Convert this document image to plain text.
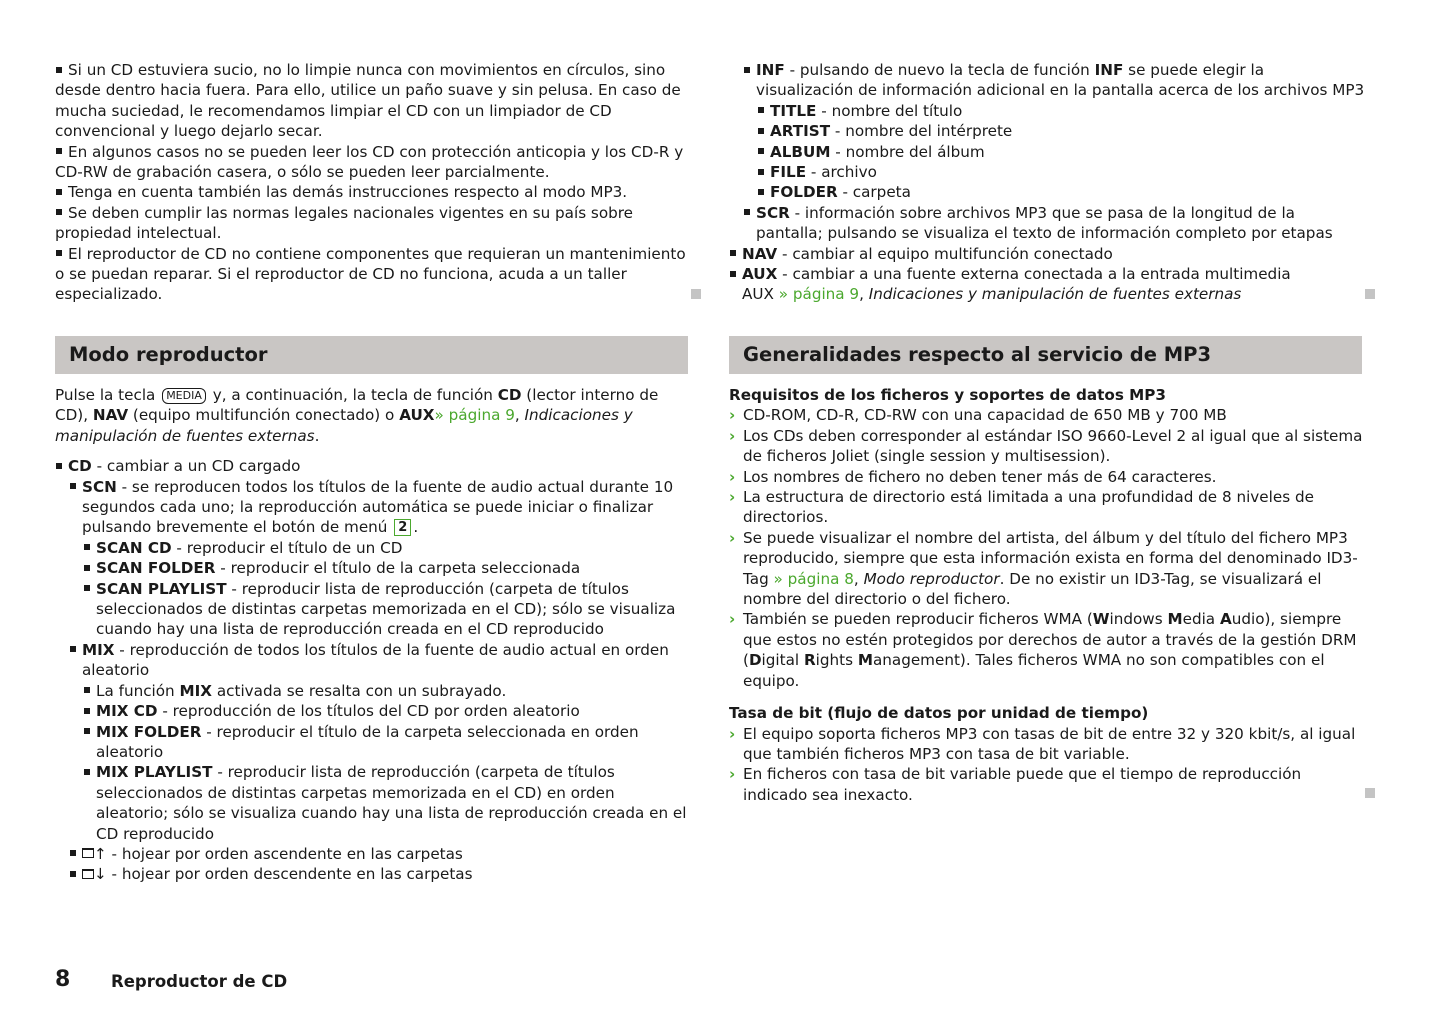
Si un CD estuviera sucio, no lo limpie nunca con movimientos en círculos, sino desde dentro hacia fuera. Para ello, utilice un paño suave y sin pelusa. En caso de mucha suciedad, le recomendamos limpiar el CD con un limpiador de CD convencional y luego dejarlo secar.

En algunos casos no se pueden leer los CD con protección anticopia y los CD-R y CD-RW de grabación casera, o sólo se pueden leer parcialmente.

Tenga en cuenta también las demás instrucciones respecto al modo MP3.

Se deben cumplir las normas legales nacionales vigentes en su país sobre propiedad intelectual.

El reproductor de CD no contiene componentes que requieran un mantenimiento o se puedan reparar. Si el reproductor de CD no funciona, acuda a un taller especializado.

INF - pulsando de nuevo la tecla de función INF se puede elegir la visualización de información adicional en la pantalla acerca de los archivos MP3
TITLE - nombre del título
ARTIST - nombre del intérprete
ALBUM - nombre del álbum
FILE - archivo
FOLDER - carpeta
SCR - información sobre archivos MP3 que se pasa de la longitud de la pantalla; pulsando se visualiza el texto de información completo por etapas
NAV - cambiar al equipo multifunción conectado
AUX - cambiar a una fuente externa conectada a la entrada multimedia
AUX » página 9, Indicaciones y manipulación de fuentes externas
Modo reproductor

Pulse la tecla MEDIA y, a continuación, la tecla de función CD (lector interno de CD), NAV (equipo multifunción conectado) o AUX» página 9, Indicaciones y manipulación de fuentes externas.

CD - cambiar a un CD cargado
SCN - se reproducen todos los títulos de la fuente de audio actual durante 10 segundos cada uno; la reproducción automática se puede iniciar o finalizar pulsando brevemente el botón de menú 2 .
SCAN CD - reproducir el título de un CD
SCAN FOLDER - reproducir el título de la carpeta seleccionada
SCAN PLAYLIST - reproducir lista de reproducción (carpeta de títulos seleccionados de distintas carpetas memorizada en el CD); sólo se visualiza cuando hay una lista de reproducción creada en el CD reproducido
MIX - reproducción de todos los títulos de la fuente de audio actual en orden aleatorio
La función MIX activada se resalta con un subrayado.
MIX CD - reproducción de los títulos del CD por orden aleatorio
MIX FOLDER - reproducir el título de la carpeta seleccionada en orden aleatorio
MIX PLAYLIST - reproducir lista de reproducción (carpeta de títulos seleccionados de distintas carpetas memorizada en el CD) en orden aleatorio; sólo se visualiza cuando hay una lista de reproducción creada en el CD reproducido
↑ - hojear por orden ascendente en las carpetas
↓ - hojear por orden descendente en las carpetas
Generalidades respecto al servicio de MP3

Requisitos de los ficheros y soportes de datos MP3

› CD-ROM, CD-R, CD-RW con una capacidad de 650 MB y 700 MB
› Los CDs deben corresponder al estándar ISO 9660-Level 2 al igual que al sistema de ficheros Joliet (single session y multisession).
› Los nombres de fichero no deben tener más de 64 caracteres.
› La estructura de directorio está limitada a una profundidad de 8 niveles de directorios.
› Se puede visualizar el nombre del artista, del álbum y del título del fichero MP3 reproducido, siempre que esta información exista en forma del denominado ID3-Tag » página 8, Modo reproductor. De no existir un ID3-Tag, se visualizará el nombre del directorio o del fichero.
› También se pueden reproducir ficheros WMA (Windows Media Audio), siempre que estos no estén protegidos por derechos de autor a través de la gestión DRM (Digital Rights Management). Tales ficheros WMA no son compatibles con el equipo.

Tasa de bit (flujo de datos por unidad de tiempo)

› El equipo soporta ficheros MP3 con tasas de bit de entre 32 y 320 kbit/s, al igual que también ficheros MP3 con tasa de bit variable.
› En ficheros con tasa de bit variable puede que el tiempo de reproducción indicado sea inexacto.
8 Reproductor de CD
